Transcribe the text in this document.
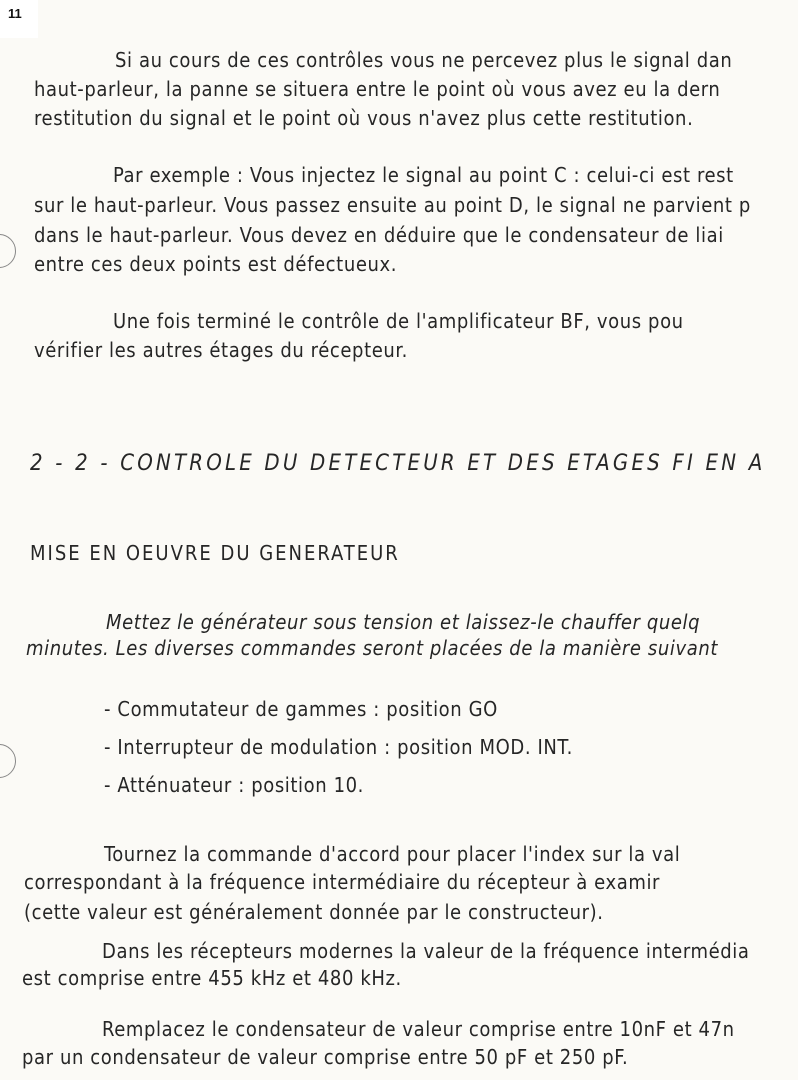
11
Si au cours de ces contrôles vous ne percevez plus le signal dan
haut-parleur, la panne se situera entre le point où vous avez eu la dern
restitution du signal et le point où vous n'avez plus cette restitution.
Par exemple : Vous injectez le signal au point C : celui-ci est rest
sur le haut-parleur. Vous passez ensuite au point D, le signal ne parvient p
dans le haut-parleur. Vous devez en déduire que le condensateur de liai
entre ces deux points est défectueux.
Une fois terminé le contrôle de l'amplificateur BF, vous pou
vérifier les autres étages du récepteur.
2 - 2 - CONTROLE DU DETECTEUR ET DES ETAGES FI EN A
MISE EN OEUVRE DU GENERATEUR
Mettez le générateur sous tension et laissez-le chauffer quelq
minutes. Les diverses commandes seront placées de la manière suivant
- Commutateur de gammes : position GO
- Interrupteur de modulation : position MOD. INT.
- Atténuateur : position 10.
Tournez la commande d'accord pour placer l'index sur la val
correspondant à la fréquence intermédiaire du récepteur à examir
(cette valeur est généralement donnée par le constructeur).
Dans les récepteurs modernes la valeur de la fréquence intermédia
est comprise entre 455 kHz et 480 kHz.
Remplacez le condensateur de valeur comprise entre 10nF et 47n
par un condensateur de valeur comprise entre 50 pF et 250 pF.
